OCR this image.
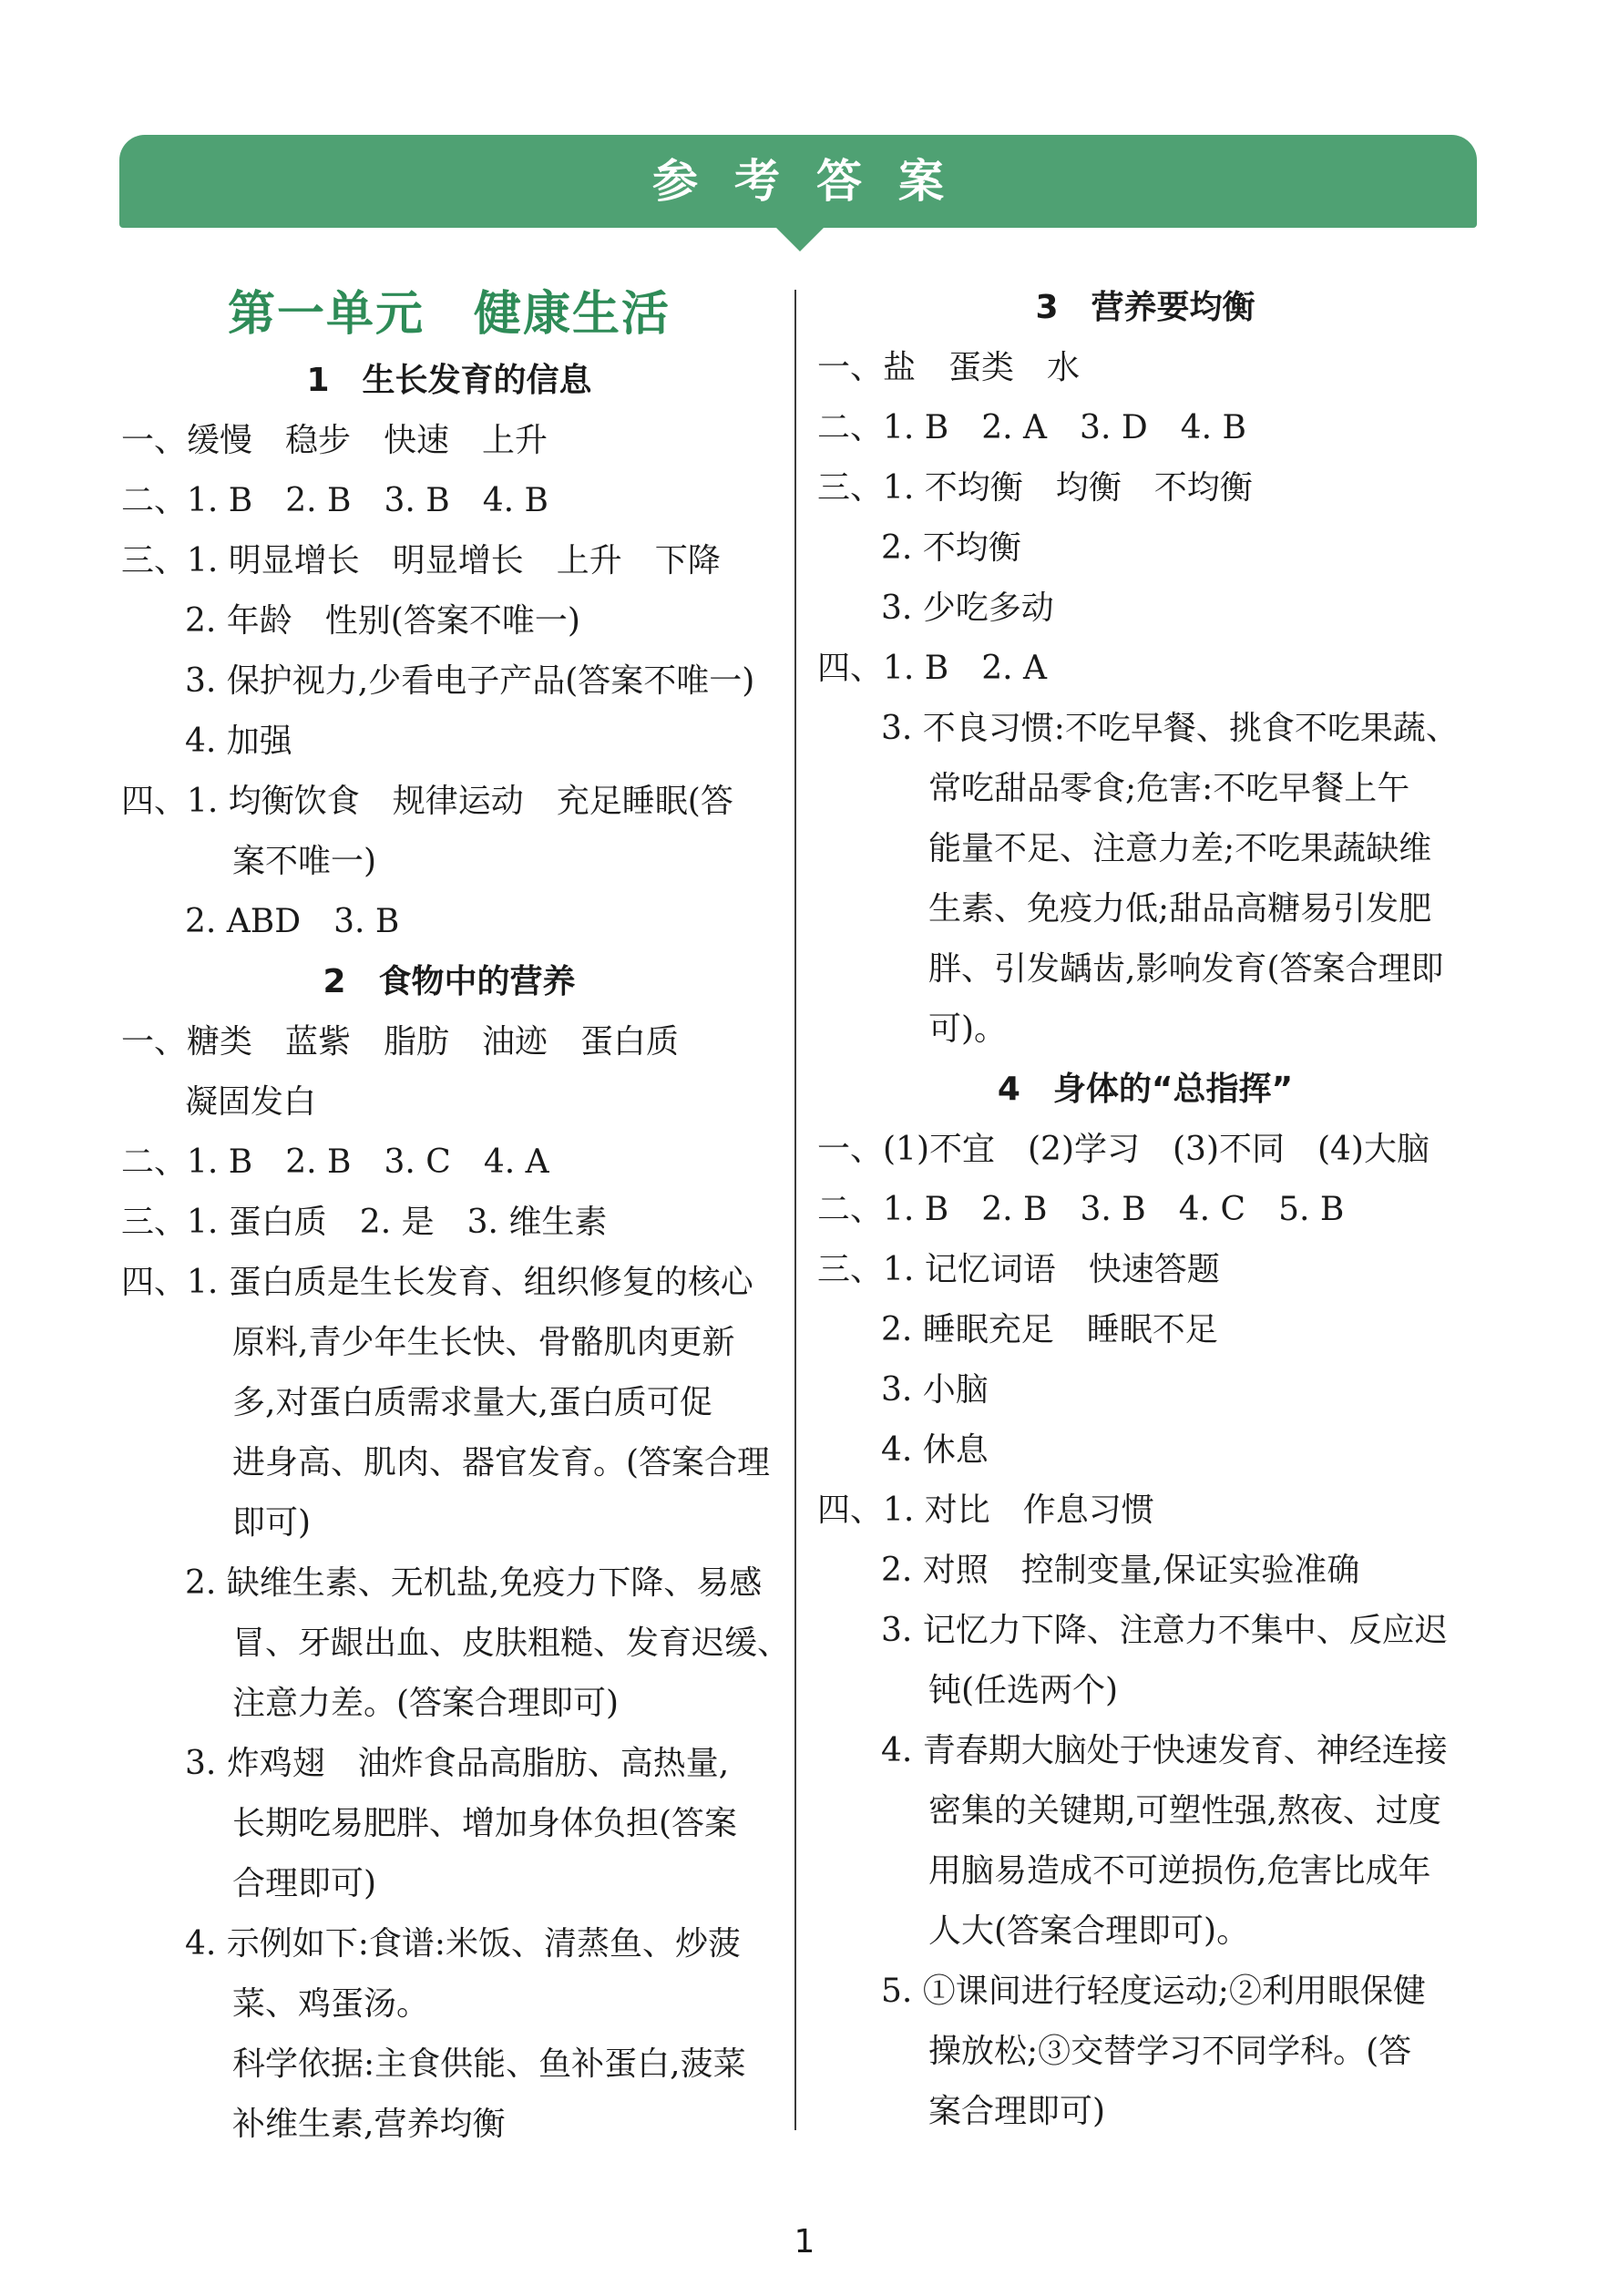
参考答案
第一单元　健康生活
1　生长发育的信息
一、缓慢　稳步　快速　上升
二、1. B　2. B　3. B　4. B
三、1. 明显增长　明显增长　上升　下降
2. 年龄　性别(答案不唯一)
3. 保护视力,少看电子产品(答案不唯一)
4. 加强
四、1. 均衡饮食　规律运动　充足睡眠(答
案不唯一)
2. ABD　3. B
2　食物中的营养
一、糖类　蓝紫　脂肪　油迹　蛋白质
凝固发白
二、1. B　2. B　3. C　4. A
三、1. 蛋白质　2. 是　3. 维生素
四、1. 蛋白质是生长发育、组织修复的核心
原料,青少年生长快、骨骼肌肉更新
多,对蛋白质需求量大,蛋白质可促
进身高、肌肉、器官发育。(答案合理
即可)
2. 缺维生素、无机盐,免疫力下降、易感
冒、牙龈出血、皮肤粗糙、发育迟缓、
注意力差。(答案合理即可)
3. 炸鸡翅　油炸食品高脂肪、高热量,
长期吃易肥胖、增加身体负担(答案
合理即可)
4. 示例如下:食谱:米饭、清蒸鱼、炒菠
菜、鸡蛋汤。
科学依据:主食供能、鱼补蛋白,菠菜
补维生素,营养均衡
3　营养要均衡
一、盐　蛋类　水
二、1. B　2. A　3. D　4. B
三、1. 不均衡　均衡　不均衡
2. 不均衡
3. 少吃多动
四、1. B　2. A
3. 不良习惯:不吃早餐、挑食不吃果蔬、
常吃甜品零食;危害:不吃早餐上午
能量不足、注意力差;不吃果蔬缺维
生素、免疫力低;甜品高糖易引发肥
胖、引发龋齿,影响发育(答案合理即
可)。
4　身体的“总指挥”
一、(1)不宜　(2)学习　(3)不同　(4)大脑
二、1. B　2. B　3. B　4. C　5. B
三、1. 记忆词语　快速答题
2. 睡眠充足　睡眠不足
3. 小脑
4. 休息
四、1. 对比　作息习惯
2. 对照　控制变量,保证实验准确
3. 记忆力下降、注意力不集中、反应迟
钝(任选两个)
4. 青春期大脑处于快速发育、神经连接
密集的关键期,可塑性强,熬夜、过度
用脑易造成不可逆损伤,危害比成年
人大(答案合理即可)。
5. ①课间进行轻度运动;②利用眼保健
操放松;③交替学习不同学科。(答
案合理即可)
1
